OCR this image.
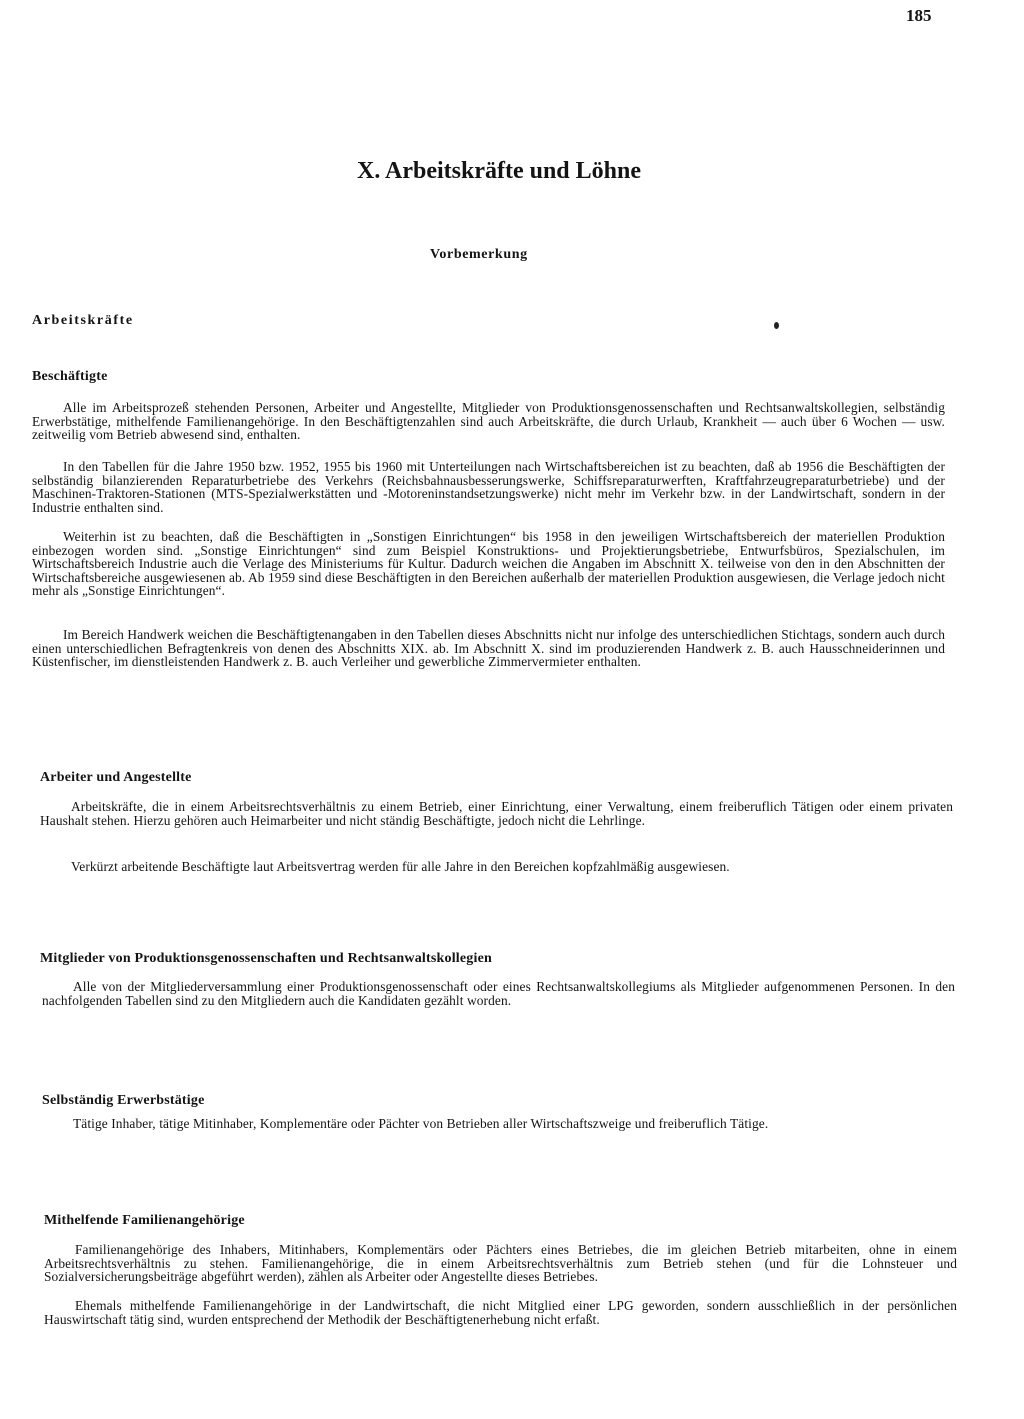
185
X. Arbeitskräfte und Löhne
Vorbemerkung
Arbeitskräfte
Beschäftigte

Alle im Arbeitsprozeß stehenden Personen, Arbeiter und Angestellte, Mitglieder von Produktionsgenossenschaften und Rechtsanwaltskollegien, selbständig Erwerbstätige, mithelfende Familienangehörige. In den Beschäftigtenzahlen sind auch Arbeitskräfte, die durch Urlaub, Krankheit — auch über 6 Wochen — usw. zeitweilig vom Betrieb abwesend sind, enthalten.

In den Tabellen für die Jahre 1950 bzw. 1952, 1955 bis 1960 mit Unterteilungen nach Wirtschaftsbereichen ist zu beachten, daß ab 1956 die Beschäftigten der selbständig bilanzierenden Reparaturbetriebe des Verkehrs (Reichsbahnausbesserungswerke, Schiffsreparaturwerften, Kraftfahrzeugreparaturbetriebe) und der Maschinen-Traktoren-Stationen (MTS-Spezialwerkstätten und -Motoreninstandsetzungswerke) nicht mehr im Verkehr bzw. in der Landwirtschaft, sondern in der Industrie enthalten sind.

Weiterhin ist zu beachten, daß die Beschäftigten in „Sonstigen Einrichtungen“ bis 1958 in den jeweiligen Wirtschaftsbereich der materiellen Produktion einbezogen worden sind. „Sonstige Einrichtungen“ sind zum Beispiel Konstruktions- und Projektierungsbetriebe, Entwurfsbüros, Spezialschulen, im Wirtschaftsbereich Industrie auch die Verlage des Ministeriums für Kultur. Dadurch weichen die Angaben im Abschnitt X. teilweise von den in den Abschnitten der Wirtschaftsbereiche ausgewiesenen ab. Ab 1959 sind diese Beschäftigten in den Bereichen außerhalb der materiellen Produktion ausgewiesen, die Verlage jedoch nicht mehr als „Sonstige Einrichtungen“.

Im Bereich Handwerk weichen die Beschäftigtenangaben in den Tabellen dieses Abschnitts nicht nur infolge des unterschiedlichen Stichtags, sondern auch durch einen unterschiedlichen Befragtenkreis von denen des Abschnitts XIX. ab. Im Abschnitt X. sind im produzierenden Handwerk z. B. auch Hausschneiderinnen und Küstenfischer, im dienstleistenden Handwerk z. B. auch Verleiher und gewerbliche Zimmervermieter enthalten.

Arbeiter und Angestellte

Arbeitskräfte, die in einem Arbeitsrechtsverhältnis zu einem Betrieb, einer Einrichtung, einer Verwaltung, einem freiberuflich Tätigen oder einem privaten Haushalt stehen. Hierzu gehören auch Heimarbeiter und nicht ständig Beschäftigte, jedoch nicht die Lehrlinge.

Verkürzt arbeitende Beschäftigte laut Arbeitsvertrag werden für alle Jahre in den Bereichen kopfzahlmäßig ausgewiesen.

Mitglieder von Produktionsgenossenschaften und Rechtsanwaltskollegien

Alle von der Mitgliederversammlung einer Produktionsgenossenschaft oder eines Rechtsanwaltskollegiums als Mitglieder aufgenommenen Personen. In den nachfolgenden Tabellen sind zu den Mitgliedern auch die Kandidaten gezählt worden.

Selbständig Erwerbstätige

Tätige Inhaber, tätige Mitinhaber, Komplementäre oder Pächter von Betrieben aller Wirtschaftszweige und freiberuflich Tätige.

Mithelfende Familienangehörige

Familienangehörige des Inhabers, Mitinhabers, Komplementärs oder Pächters eines Betriebes, die im gleichen Betrieb mitarbeiten, ohne in einem Arbeitsrechtsverhältnis zu stehen. Familienangehörige, die in einem Arbeitsrechtsverhältnis zum Betrieb stehen (und für die Lohnsteuer und Sozialversicherungsbeiträge abgeführt werden), zählen als Arbeiter oder Angestellte dieses Betriebes.

Ehemals mithelfende Familienangehörige in der Landwirtschaft, die nicht Mitglied einer LPG geworden, sondern ausschließlich in der persönlichen Hauswirtschaft tätig sind, wurden entsprechend der Methodik der Beschäftigtenerhebung nicht erfaßt.
